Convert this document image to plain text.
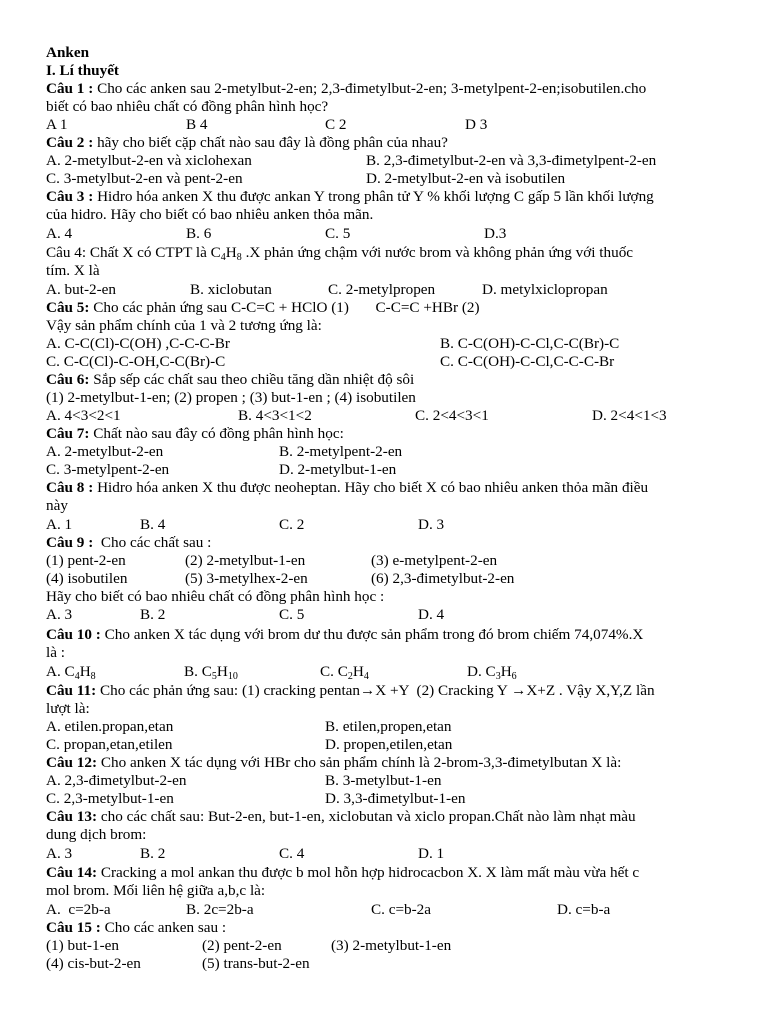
Anken
I. Lí thuyết
Câu 1 : Cho các anken sau 2-metylbut-2-en; 2,3-đimetylbut-2-en; 3-metylpent-2-en;isobutilen.cho
biết có bao nhiêu chất có đồng phân hình học?
A 1	B 4	C 2	D 3
Câu 2 : hãy cho biết cặp chất nào sau đây là đồng phân của nhau?
A. 2-metylbut-2-en và xiclohexan	B. 2,3-đimetylbut-2-en và 3,3-đimetylpent-2-en
C. 3-metylbut-2-en và pent-2-en	D. 2-metylbut-2-en và isobutilen
Câu 3 : Hidro hóa anken X thu được ankan Y trong phân tử Y % khối lượng C gấp 5 lần khối lượng
của hidro. Hãy cho biết có bao nhiêu anken thỏa mãn.
A. 4	B. 6	C. 5	D.3
Câu 4: Chất X có CTPT là $C_4H_8$ .X phản ứng chậm với nước brom và không phản ứng với thuốc
tím. X là
A. but-2-en	B. xiclobutan	C. 2-metylpropen	D. metylxiclopropan
Câu 5: Cho các phản ứng sau C-C=C + HClO (1)       C-C=C +HBr (2)
Vậy sản phẩm chính của 1 và 2 tương ứng là:
A. C-C(Cl)-C(OH) ,C-C-C-Br	B. C-C(OH)-C-Cl,C-C(Br)-C
C. C-C(Cl)-C-OH,C-C(Br)-C	C. C-C(OH)-C-Cl,C-C-C-Br
Câu 6: Sắp sếp các chất sau theo chiều tăng dần nhiệt độ sôi
(1) 2-metylbut-1-en; (2) propen ; (3) but-1-en ; (4) isobutilen
A. 4<3<2<1	B. 4<3<1<2	C. 2<4<3<1	D. 2<4<1<3
Câu 7: Chất nào sau đây có đồng phân hình học:
A. 2-metylbut-2-en	B. 2-metylpent-2-en
C. 3-metylpent-2-en	D. 2-metylbut-1-en
Câu 8 : Hidro hóa anken X thu được neoheptan. Hãy cho biết X có bao nhiêu anken thỏa mãn điều
này
A. 1	B. 4	C. 2	D. 3
Câu 9 :  Cho các chất sau :
(1) pent-2-en	(2) 2-metylbut-1-en	(3) e-metylpent-2-en
(4) isobutilen	(5) 3-metylhex-2-en	(6) 2,3-đimetylbut-2-en
Hãy cho biết có bao nhiêu chất có đồng phân hình học :
A. 3	B. 2	C. 5	D. 4
Câu 10 : Cho anken X tác dụng với brom dư thu được sản phẩm trong đó brom chiếm 74,074%.X
là :
A. $C_4H_8$	B. $C_5H_{10}$	C. $C_2H_4$	D. $C_3H_6$
Câu 11: Cho các phản ứng sau: (1) cracking pentan→X +Y  (2) Cracking Y →X+Z . Vậy X,Y,Z lần
lượt là:
A. etilen.propan,etan	B. etilen,propen,etan
C. propan,etan,etilen	D. propen,etilen,etan
Câu 12: Cho anken X tác dụng với HBr cho sản phẩm chính là 2-brom-3,3-đimetylbutan X là:
A. 2,3-đimetylbut-2-en	B. 3-metylbut-1-en
C. 2,3-metylbut-1-en	D. 3,3-đimetylbut-1-en
Câu 13: cho các chất sau: But-2-en, but-1-en, xiclobutan và xiclo propan.Chất nào làm nhạt màu
dung dịch brom:
A. 3	B. 2	C. 4	D. 1
Câu 14: Cracking a mol ankan thu được b mol hỗn hợp hidrocacbon X. X làm mất màu vừa hết c
mol brom. Mối liên hệ giữa a,b,c là:
A.  c=2b-a	B. 2c=2b-a	C. c=b-2a	D. c=b-a
Câu 15 : Cho các anken sau :
(1) but-1-en	(2) pent-2-en	(3) 2-metylbut-1-en
(4) cis-but-2-en	(5) trans-but-2-en
